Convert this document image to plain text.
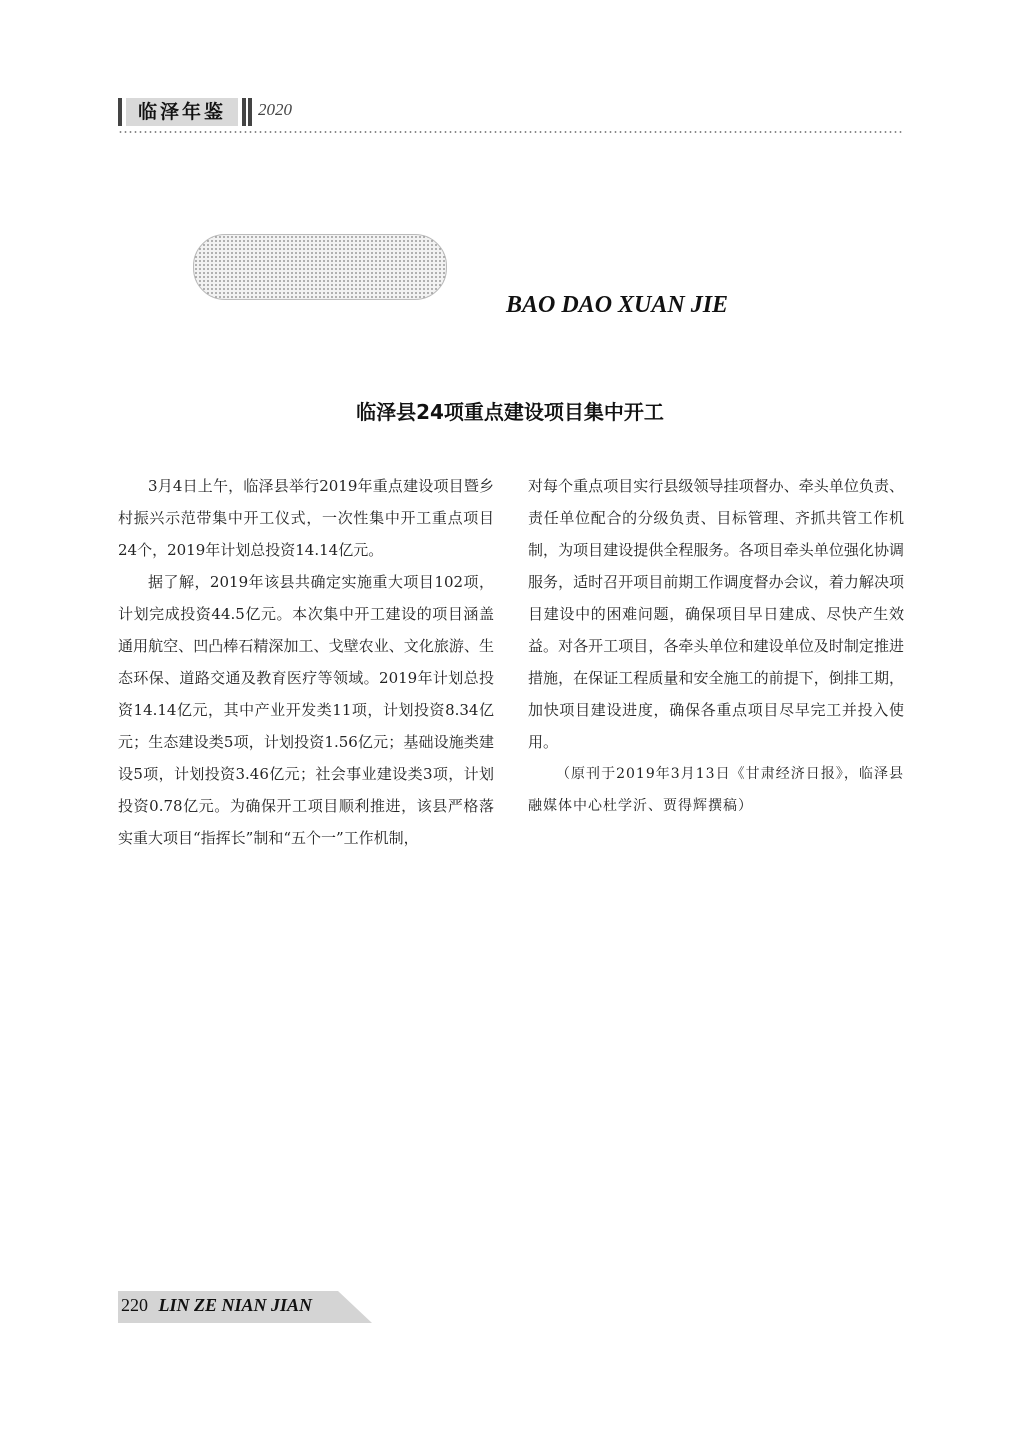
临泽年鉴	2020
BAO DAO XUAN JIE
临泽县24项重点建设项目集中开工

3月4日上午，临泽县举行2019年重点建设项目暨乡村振兴示范带集中开工仪式，一次性集中开工重点项目24个，2019年计划总投资14.14亿元。

据了解，2019年该县共确定实施重大项目102项，计划完成投资44.5亿元。本次集中开工建设的项目涵盖通用航空、凹凸棒石精深加工、戈壁农业、文化旅游、生态环保、道路交通及教育医疗等领域。2019年计划总投资14.14亿元，其中产业开发类11项，计划投资8.34亿元；生态建设类5项，计划投资1.56亿元；基础设施类建设5项，计划投资3.46亿元；社会事业建设类3项，计划投资0.78亿元。为确保开工项目顺利推进，该县严格落实重大项目“指挥长”制和“五个一”工作机制，

对每个重点项目实行县级领导挂项督办、牵头单位负责、责任单位配合的分级负责、目标管理、齐抓共管工作机制，为项目建设提供全程服务。各项目牵头单位强化协调服务，适时召开项目前期工作调度督办会议，着力解决项目建设中的困难问题，确保项目早日建成、尽快产生效益。对各开工项目，各牵头单位和建设单位及时制定推进措施，在保证工程质量和安全施工的前提下，倒排工期，加快项目建设进度，确保各重点项目尽早完工并投入使用。

（原刊于2019年3月13日《甘肃经济日报》，临泽县融媒体中心杜学沂、贾得辉撰稿）

220 LIN ZE NIAN JIAN
